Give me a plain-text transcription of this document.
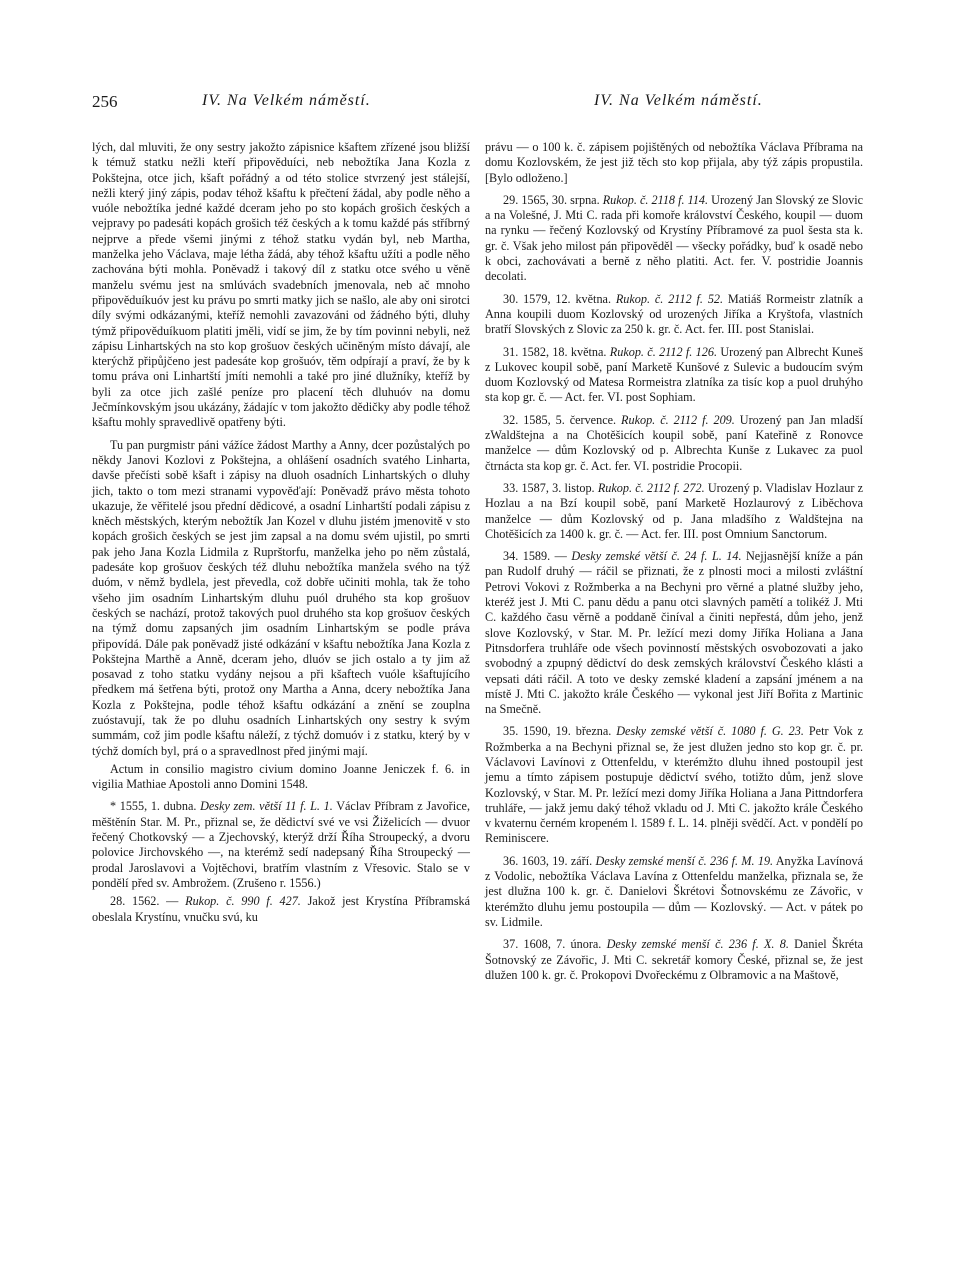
256	IV. Na Velkém náměstí.	IV. Na Velkém náměstí.

lých, dal mluviti, že ony sestry jakožto zápisnice kšaftem zřízené jsou bližší k témuž statku nežli kteří připověduíci, neb nebožtíka Jana Kozla z Pokštejna, otce jich, kšaft pořádný a od této stolice stvrzený jest stálejší, nežli který jiný zápis, podav téhož kšaftu k přečtení žádal, aby podle něho a vuóle nebožtíka jedné každé dceram jeho po sto kopách grošich českých a vejpravy po padesáti kopách grošich též českých a k tomu každé pás stříbrný nejprve a přede všemi jinými z téhož statku vydán byl, neb Martha, manželka jeho Václava, maje létha žádá, aby téhož kšaftu užíti a podle něho zachována býti mohla. Poněvadž i takový díl z statku otce svého u věně manželu svému jest na smlúvách svadebních jmenovala, neb ač mnoho připověduíkuóv jest ku právu po smrti matky jich se našlo, ale aby oni sirotci díly svými odkázanými, kteříž nemohli zavazováni od žádného býti, dluhy týmž připověduíkuom platiti jměli, vidí se jim, že by tím povinni nebyli, než zápisu Linhartských na sto kop grošuov českých učiněným místo dávají, ale kterýchž připůjčeno jest padesáte kop grošuóv, těm odpírají a praví, že by k tomu práva oni Linhartští jmíti nemohli a také pro jiné dlužníky, kteříž by byli za otce jich zašlé peníze pro placení těch dluhuóv na domu Ječmínkovským jsou ukázány, žádajíc v tom jakožto dědičky aby podle téhož kšaftu mohly spravedlivě opatřeny býti.

Tu pan purgmistr páni vážíce žádost Marthy a Anny, dcer pozůstalých po někdy Janovi Kozlovi z Pokštejna, a ohlášení osadních svatého Linharta, davše přečísti sobě kšaft i zápisy na dluoh osadních Linhartských o dluhy jich, takto o tom mezi stranami vypověďají: Poněvadž právo města tohoto ukazuje, že věřitelé jsou přední dědicové, a osadní Linhartští podali zápisu z kněch městských, kterým nebožtík Jan Kozel v dluhu jistém jmenovitě v sto kopách grošich českých se jest jim zapsal a na domu svém ujistil, po smrti pak jeho Jana Kozla Lidmila z Ruprštorfu, manželka jeho po něm zůstalá, padesáte kop grošuov českých též dluhu nebožtíka manžela svého na týž duóm, v němž bydlela, jest převedla, což dobře učiniti mohla, tak že toho všeho jim osadním Linhartským dluhu puól druhého sta kop grošuov českých se nachází, protož takových puol druhého sta kop grošuov českých na týmž domu zapsaných jim osadním Linhartským se podle práva připovídá. Dále pak poněvadž jisté odkázání v kšaftu nebožtíka Jana Kozla z Pokštejna Marthě a Anně, dceram jeho, dluóv se jich ostalo a ty jim až posavad z toho statku vydány nejsou a při kšaftech vuóle kšaftujícího předkem má šetřena býti, protož ony Martha a Anna, dcery nebožtíka Jana Kozla z Pokštejna, podle téhož kšaftu odkázání a znění se zouplna zuóstavují, tak že po dluhu osadních Linhartských ony sestry k svým summám, což jim podle kšaftu náleží, z týchž domuóv i z statku, který by v týchž domích byl, prá o a spravedlnost před jinými mají.

Actum in consilio magistro civium domino Joanne Jeniczek f. 6. in vigilia Mathiae Apostoli anno Domini 1548.

* 1555, 1. dubna. Desky zem. větší 11 f. L. 1. Václav Příbram z Javořice, měštěnín Star. M. Pr., přiznal se, že dědictví své ve vsi Žiželicích — dvuor řečený Chotkovský — a Zjechovský, kterýž drží Říha Stroupecký, a dvoru polovice Jirchovského —, na kterémž sedí nadepsaný Říha Stroupecký — prodal Jaroslavovi a Vojtěchovi, bratřím vlastním z Vřesovic. Stalo se v pondělí před sv. Ambrožem. (Zrušeno r. 1556.)

28. 1562. — Rukop. č. 990 f. 427. Jakož jest Krystína Příbramská obeslala Krystínu, vnučku svú, ku

právu — o 100 k. č. zápisem pojištěných od nebožtíka Václava Příbrama na domu Kozlovském, že jest již těch sto kop přijala, aby týž zápis propustila. [Bylo odloženo.]

29. 1565, 30. srpna. Rukop. č. 2118 f. 114. Urozený Jan Slovský ze Slovic a na Volešné, J. Mti C. rada při komoře království Českého, koupil — duom na rynku — řečený Kozlovský od Krystíny Příbramové za puol šesta sta k. gr. č. Však jeho milost pán připověděl — všecky pořádky, buď k osadě nebo k obci, zachovávati a berně z něho platiti. Act. fer. V. postridie Joannis decolati.

30. 1579, 12. května. Rukop. č. 2112 f. 52. Matiáš Rormeistr zlatník a Anna koupili duom Kozlovský od urozených Jiříka a Kryštofa, vlastních bratří Slovských z Slovic za 250 k. gr. č. Act. fer. III. post Stanislai.

31. 1582, 18. května. Rukop. č. 2112 f. 126. Urozený pan Albrecht Kuneš z Lukovec koupil sobě, paní Marketě Kunšové z Sulevic a budoucím svým duom Kozlovský od Matesa Rormeistra zlatníka za tisíc kop a puol druhýho sta kop gr. č. — Act. fer. VI. post Sophiam.

32. 1585, 5. července. Rukop. č. 2112 f. 209. Urozený pan Jan mladší zWaldštejna a na Chotěšicích koupil sobě, paní Kateřině z Ronovce manželce — dům Kozlovský od p. Albrechta Kunše z Lukavec za puol čtrnácta sta kop gr. č. Act. fer. VI. postridie Procopii.

33. 1587, 3. listop. Rukop. č. 2112 f. 272. Urozený p. Vladislav Hozlaur z Hozlau a na Bzí koupil sobě, paní Marketě Hozlaurový z Liběchova manželce — dům Kozlovský od p. Jana mladšího z Waldštejna na Chotěšicích za 1400 k. gr. č. — Act. fer. III. post Omnium Sanctorum.

34. 1589. — Desky zemské větší č. 24 f. L. 14. Nejjasnější kníže a pán pan Rudolf druhý — ráčil se přiznati, že z plnosti moci a milosti zvláštní Petrovi Vokovi z Rožmberka a na Bechyni pro věrné a platné služby jeho, kteréž jest J. Mti C. panu dědu a panu otci slavných pamětí a tolikéž J. Mti C. každého času věrně a poddaně činíval a činiti nepřestá, dům jeho, jenž slove Kozlovský, v Star. M. Pr. ležící mezi domy Jiříka Holiana a Jana Pitnsdorfera truhláře ode všech povinností městských osvobozovati a jako svobodný a zpupný dědictví do desk zemských království Českého klásti a vepsati dáti ráčil. A toto ve desky zemské kladení a zapsání jménem a na místě J. Mti C. jakožto krále Českého — vykonal jest Jiří Bořita z Martinic na Smečně.

35. 1590, 19. března. Desky zemské větší č. 1080 f. G. 23. Petr Vok z Rožmberka a na Bechyni přiznal se, že jest dlužen jedno sto kop gr. č. pr. Václavovi Lavínovi z Ottenfeldu, v kterémžto dluhu ihned postoupil jest jemu a tímto zápisem postupuje dědictví svého, totižto dům, jenž slove Kozlovský, v Star. M. Pr. ležící mezi domy Jiříka Holiana a Jana Pittndorfera truhláře, — jakž jemu daký téhož vkladu od J. Mti C. jakožto krále Českého v kvaternu černém kropeném l. 1589 f. L. 14. plněji svědčí. Act. v pondělí po Reminiscere.

36. 1603, 19. září. Desky zemské menší č. 236 f. M. 19. Anyžka Lavínová z Vodolic, nebožtíka Václava Lavína z Ottenfeldu manželka, přiznala se, že jest dlužna 100 k. gr. č. Danielovi Škrétovi Šotnovskému ze Závořic, v kterémžto dluhu jemu postoupila — dům — Kozlovský. — Act. v pátek po sv. Lidmile.

37. 1608, 7. února. Desky zemské menší č. 236 f. X. 8. Daniel Škréta Šotnovský ze Závořic, J. Mti C. sekretář komory České, přiznal se, že jest dlužen 100 k. gr. č. Prokopovi Dvořeckému z Olbramovic a na Maštově,
